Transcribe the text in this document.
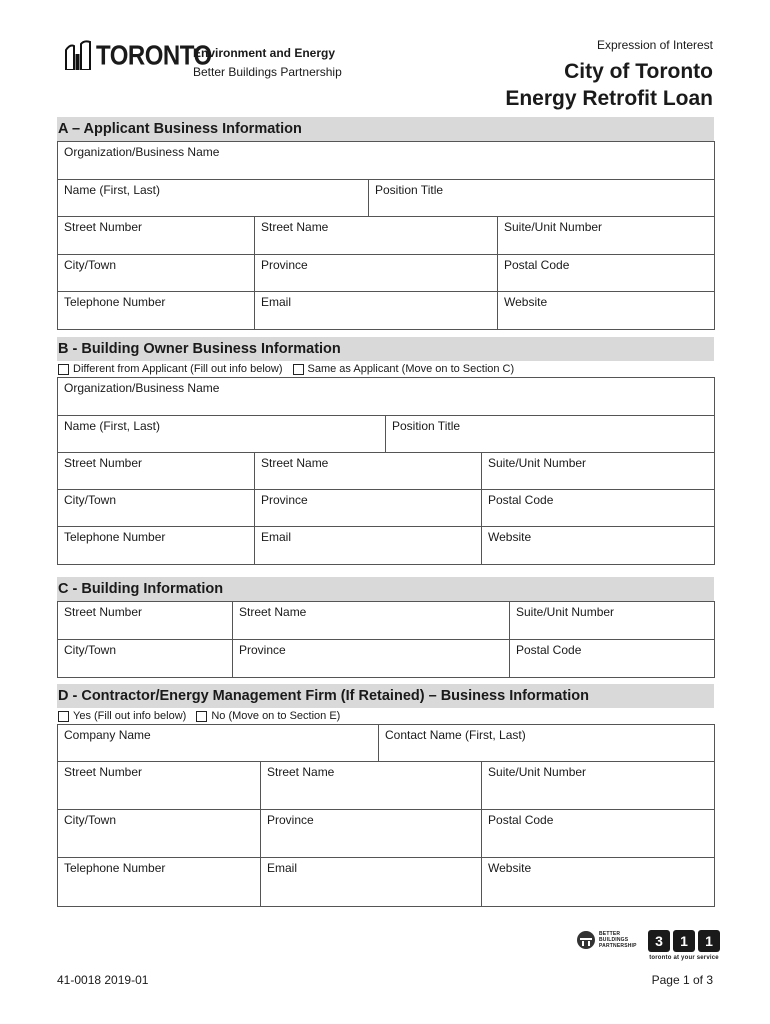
TORONTO
Environment and Energy
Better Buildings Partnership
Expression of Interest
City of Toronto
Energy Retrofit Loan
A – Applicant Business Information
Organization/Business Name			
Name (First, Last)		Position Title	
Street Number	Street Name		Suite/Unit Number
City/Town	Province		Postal Code
Telephone Number	Email		Website
B - Building Owner Business Information
Different from Applicant (Fill out info below) Same as Applicant (Move on to Section C)
Organization/Business Name			
Name (First, Last)		Position Title	
Street Number	Street Name		Suite/Unit Number
City/Town	Province		Postal Code
Telephone Number	Email		Website
C - Building Information
Street Number	Street Name	Suite/Unit Number
City/Town	Province	Postal Code
D - Contractor/Energy Management Firm (If Retained) – Business Information
Yes (Fill out info below) No (Move on to Section E)
Company Name		Contact Name (First, Last)	
Street Number	Street Name		Suite/Unit Number
City/Town	Province		Postal Code
Telephone Number	Email		Website
BETTER
BUILDINGS
PARTNERSHIP	3	1	1
toronto at your service
41-0018 2019-01	Page 1 of 3
